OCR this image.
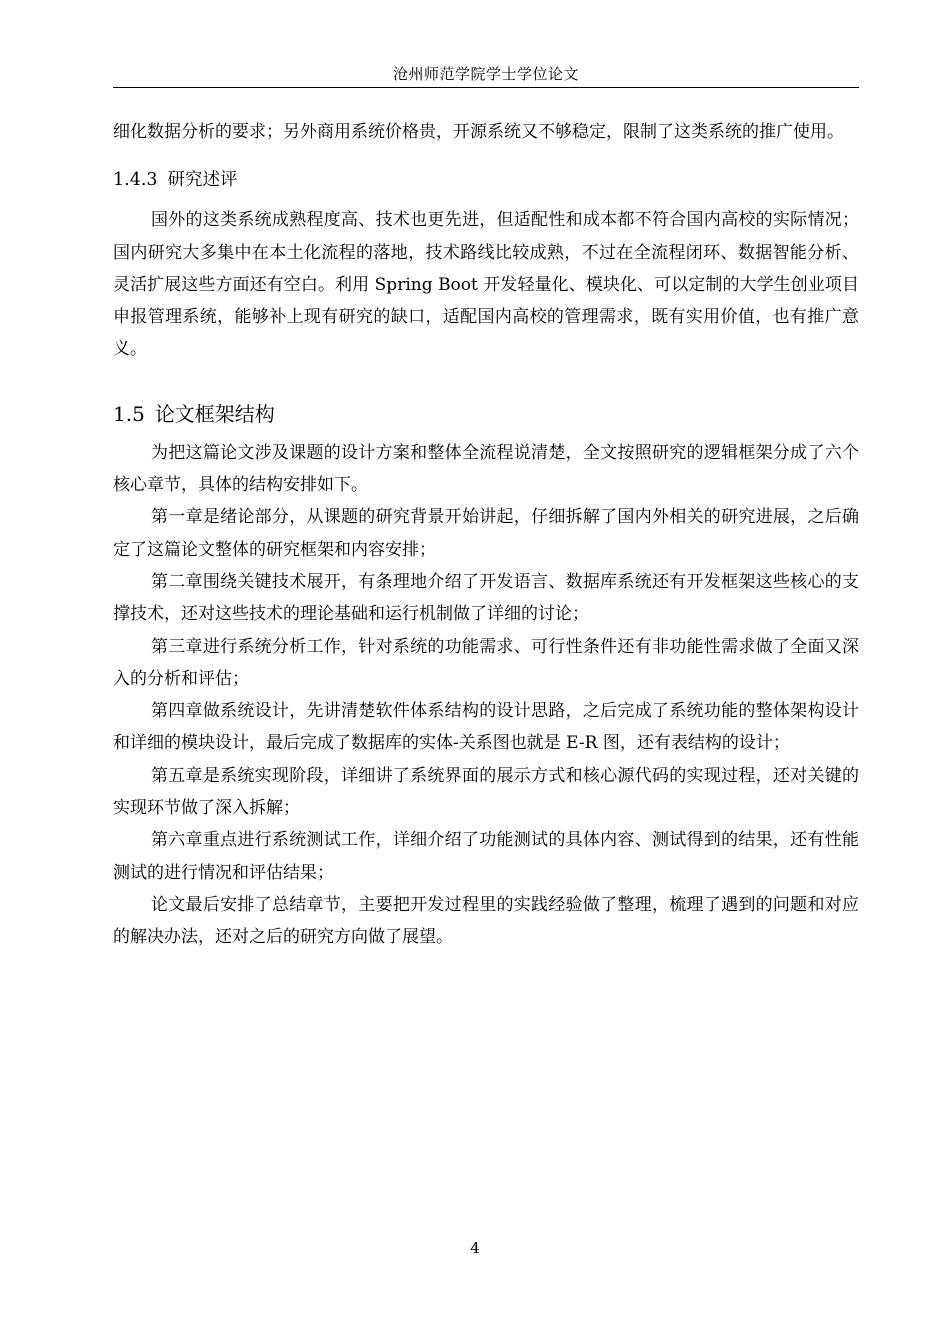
沧州师范学院学士学位论文

细化数据分析的要求；另外商用系统价格贵，开源系统又不够稳定，限制了这类系统的推广使用。

1.4.3 研究述评

国外的这类系统成熟程度高、技术也更先进，但适配性和成本都不符合国内高校的实际情况；国内研究大多集中在本土化流程的落地，技术路线比较成熟，不过在全流程闭环、数据智能分析、灵活扩展这些方面还有空白。利用 Spring Boot 开发轻量化、模块化、可以定制的大学生创业项目申报管理系统，能够补上现有研究的缺口，适配国内高校的管理需求，既有实用价值，也有推广意义。

1.5 论文框架结构

为把这篇论文涉及课题的设计方案和整体全流程说清楚，全文按照研究的逻辑框架分成了六个核心章节，具体的结构安排如下。

第一章是绪论部分，从课题的研究背景开始讲起，仔细拆解了国内外相关的研究进展，之后确定了这篇论文整体的研究框架和内容安排；

第二章围绕关键技术展开，有条理地介绍了开发语言、数据库系统还有开发框架这些核心的支撑技术，还对这些技术的理论基础和运行机制做了详细的讨论；

第三章进行系统分析工作，针对系统的功能需求、可行性条件还有非功能性需求做了全面又深入的分析和评估；

第四章做系统设计，先讲清楚软件体系结构的设计思路，之后完成了系统功能的整体架构设计和详细的模块设计，最后完成了数据库的实体-关系图也就是 E-R 图，还有表结构的设计；

第五章是系统实现阶段，详细讲了系统界面的展示方式和核心源代码的实现过程，还对关键的实现环节做了深入拆解；

第六章重点进行系统测试工作，详细介绍了功能测试的具体内容、测试得到的结果，还有性能测试的进行情况和评估结果；

论文最后安排了总结章节，主要把开发过程里的实践经验做了整理，梳理了遇到的问题和对应的解决办法，还对之后的研究方向做了展望。

4
